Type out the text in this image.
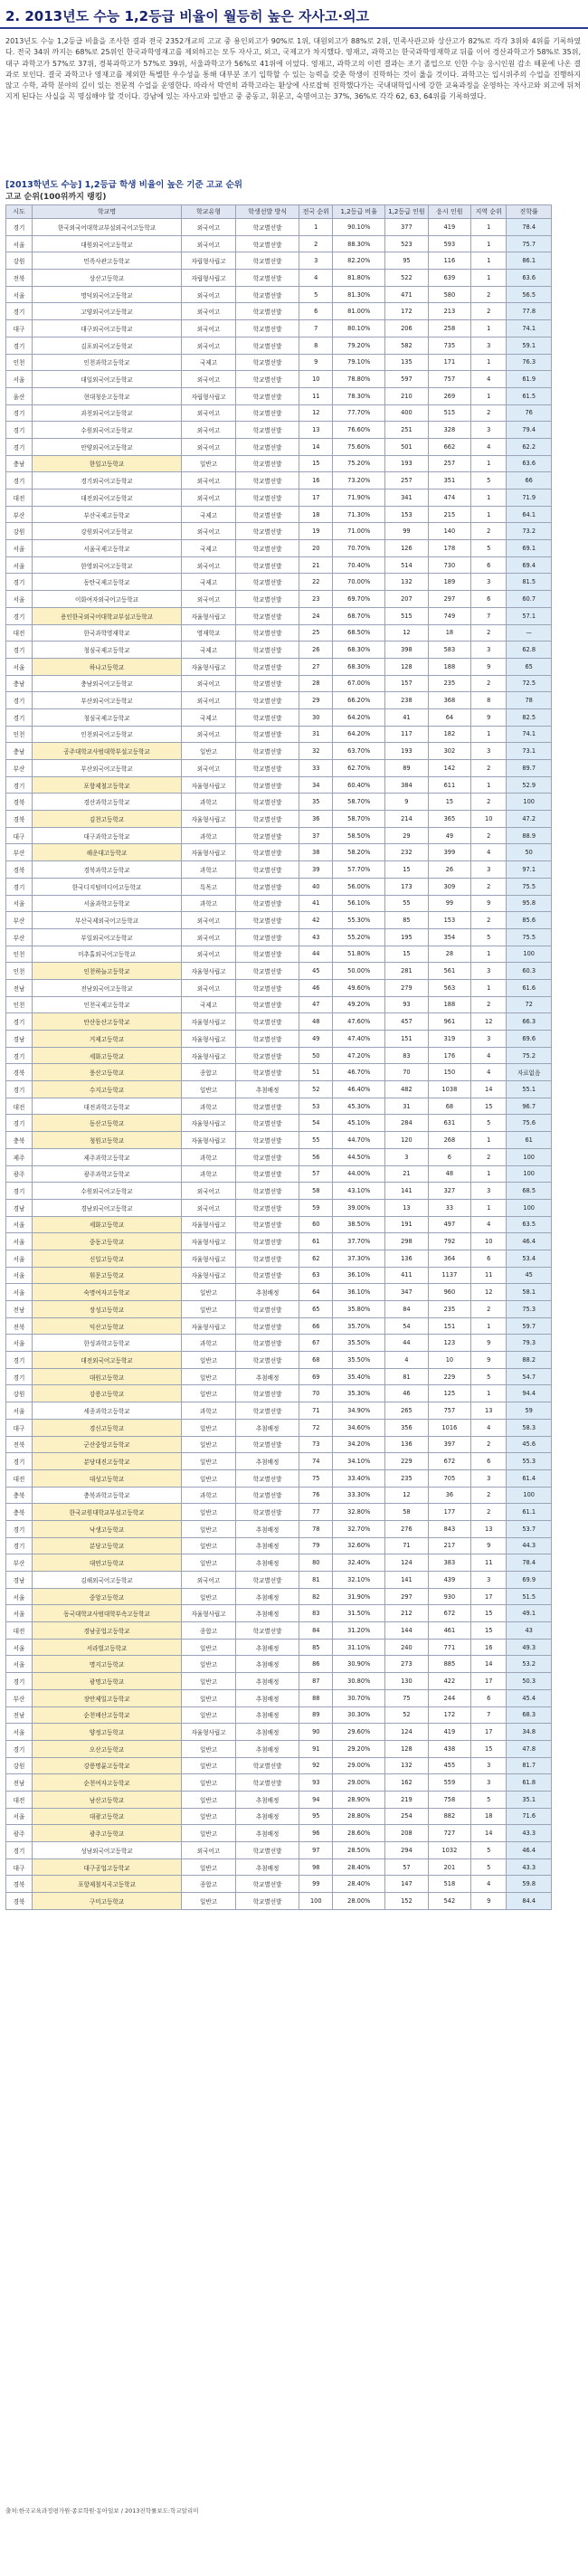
2. 2013년도 수능 1,2등급 비율이 월등히 높은 자사고·외고
2013년도 수능 1,2등급 비율을 조사한 결과 전국 2352개교의 고교 중 용인외고가 90%로 1위, 대원외고가 88%로 2위, 민족사관고와 상산고가 82%로 각각 3위와 4위를 기록하였다. 전국 34위 까지는 68%로 25위인 한국과학영재고를 제외하고는 모두 자사고, 외고, 국제고가 차지했다. 영재고, 과학고는 한국과학영재학교 뒤를 이어 경산과학고가 58%로 35위, 대구 과학고가 57%로 37위, 경북과학고가 57%로 39위, 서울과학고가 56%로 41위에 이었다. 영재고, 과학고의 이런 결과는 조기 졸업으로 인한 수능 응시인원 감소 때문에 나온 결과로 보인다. 결국 과학고나 영재고를 제외한 특별한 우수성을 통해 대부분 조기 입학할 수 있는 능력을 갖춘 학생이 진학하는 것이 옳을 것이다. 과학고는 입시위주의 수업을 진행하지 않고 수학, 과학 분야의 깊이 있는 전문적 수업을 운영한다. 따라서 막연히 과학고라는 환상에 사로잡혀 진학했다가는 국내대학입시에 강한 교육과정을 운영하는 자사고와 외고에 뒤처지게 된다는 사실을 꼭 명심해야 할 것이다. 강남에 있는 자사고와 일반고 중 중동고, 휘문고, 숙명여고는 37%, 36%로 각각 62, 63, 64위를 기록하였다.
[2013학년도 수능] 1,2등급 학생 비율이 높은 기준 고교 순위
고교 순위(100위까지 랭킹)
시도	학교명	학교유형	학생선발 방식	전국 순위	1,2등급 비율	1,2등급 인원	응시 인원	지역 순위	진학률
경기	한국외국어대학교부설외국어고등학교	외국어고	학교별선발	1	90.10%	377	419	1	78.4
서울	대원외국어고등학교	외국어고	학교별선발	2	88.30%	523	593	1	75.7
강원	민족사관고등학교	자립형사립고	학교별선발	3	82.20%	95	116	1	86.1
전북	상산고등학교	자립형사립고	학교별선발	4	81.80%	522	639	1	63.6
서울	명덕외국어고등학교	외국어고	학교별선발	5	81.30%	471	580	2	56.5
경기	고양외국어고등학교	외국어고	학교별선발	6	81.00%	172	213	2	77.8
대구	대구외국어고등학교	외국어고	학교별선발	7	80.10%	206	258	1	74.1
경기	김포외국어고등학교	외국어고	학교별선발	8	79.20%	582	735	3	59.1
인천	인천과학고등학교	국제고	학교별선발	9	79.10%	135	171	1	76.3
서울	대일외국어고등학교	외국어고	학교별선발	10	78.80%	597	757	4	61.9
울산	현대청운고등학교	자립형사립고	학교별선발	11	78.30%	210	269	1	61.5
경기	과천외국어고등학교	외국어고	학교별선발	12	77.70%	400	515	2	76
경기	수원외국어고등학교	외국어고	학교별선발	13	76.60%	251	328	3	79.4
경기	안양외국어고등학교	외국어고	학교별선발	14	75.60%	501	662	4	62.2
충남	한일고등학교	일반고	학교별선발	15	75.20%	193	257	1	63.6
경기	경기외국어고등학교	외국어고	학교별선발	16	73.20%	257	351	5	66
대전	대전외국어고등학교	외국어고	학교별선발	17	71.90%	341	474	1	71.9
부산	부산국제고등학교	국제고	학교별선발	18	71.30%	153	215	1	64.1
강원	강원외국어고등학교	외국어고	학교별선발	19	71.00%	99	140	2	73.2
서울	서울국제고등학교	국제고	학교별선발	20	70.70%	126	178	5	69.1
서울	한영외국어고등학교	외국어고	학교별선발	21	70.40%	514	730	6	69.4
경기	동탄국제고등학교	국제고	학교별선발	22	70.00%	132	189	3	81.5
서울	이화여자외국어고등학교	외국어고	학교별선발	23	69.70%	207	297	6	60.7
경기	용인한국외국어대학교부설고등학교	자율형사립고	학교별선발	24	68.70%	515	749	7	57.1
대전	한국과학영재학교	영재학교	학교별선발	25	68.50%	12	18	2	—
경기	청심국제고등학교	국제고	학교별선발	26	68.30%	398	583	3	62.8
서울	하나고등학교	자율형사립고	학교별선발	27	68.30%	128	188	9	65
충남	충남외국어고등학교	외국어고	학교별선발	28	67.00%	157	235	2	72.5
경기	부산외국어고등학교	외국어고	학교별선발	29	66.20%	238	368	8	78
경기	청심국제고등학교	국제고	학교별선발	30	64.20%	41	64	9	82.5
인천	인천외국어고등학교	외국어고	학교별선발	31	64.20%	117	182	1	74.1
충남	공주대학교사범대학부설고등학교	일반고	학교별선발	32	63.70%	193	302	3	73.1
부산	부산외국어고등학교	외국어고	학교별선발	33	62.70%	89	142	2	89.7
경기	포항제철고등학교	자율형사립고	학교별선발	34	60.40%	384	611	1	52.9
경북	경산과학고등학교	과학고	학교별선발	35	58.70%	9	15	2	100
경북	김천고등학교	자율형사립고	학교별선발	36	58.70%	214	365	10	47.2
대구	대구과학고등학교	과학고	학교별선발	37	58.50%	29	49	2	88.9
부산	해운대고등학교	자율형사립고	학교별선발	38	58.20%	232	399	4	50
경북	경북과학고등학교	과학고	학교별선발	39	57.70%	15	26	3	97.1
경기	한국디지털미디어고등학교	특목고	학교별선발	40	56.00%	173	309	2	75.5
서울	서울과학고등학교	과학고	학교별선발	41	56.10%	55	99	9	95.8
부산	부산국제외국어고등학교	외국어고	학교별선발	42	55.30%	85	153	2	85.6
부산	부일외국어고등학교	외국어고	학교별선발	43	55.20%	195	354	5	75.5
인천	미추홀외국어고등학교	외국어고	학교별선발	44	51.80%	15	28	1	100
인천	인천하늘고등학교	자율형사립고	학교별선발	45	50.00%	281	561	3	60.3
전남	전남외국어고등학교	외국어고	학교별선발	46	49.60%	279	563	1	61.6
인천	인천국제고등학교	국제고	학교별선발	47	49.20%	93	188	2	72
경기	안산동산고등학교	자율형사립고	학교별선발	48	47.60%	457	961	12	66.3
경남	거제고등학교	자율형사립고	학교별선발	49	47.40%	151	319	3	69.6
경기	세화고등학교	자율형사립고	학교별선발	50	47.20%	83	176	4	75.2
경북	풍산고등학교	종합고	학교별선발	51	46.70%	70	150	4	자료없음
경기	수지고등학교	일반고	추첨배정	52	46.40%	482	1038	14	55.1
대전	대전과학고등학교	과학고	학교별선발	53	45.30%	31	68	15	96.7
경기	동산고등학교	자율형사립고	학교별선발	54	45.10%	284	631	5	75.6
충북	청원고등학교	자율형사립고	학교별선발	55	44.70%	120	268	1	61
제주	제주과학고등학교	과학고	학교별선발	56	44.50%	3	6	2	100
광주	광주과학고등학교	과학고	학교별선발	57	44.00%	21	48	1	100
경기	수원외국어고등학교	외국어고	학교별선발	58	43.10%	141	327	3	68.5
경남	경남외국어고등학교	외국어고	학교별선발	59	39.00%	13	33	1	100
서울	세화고등학교	자율형사립고	학교별선발	60	38.50%	191	497	4	63.5
서울	중동고등학교	자율형사립고	학교별선발	61	37.70%	298	792	10	46.4
서울	신일고등학교	자율형사립고	학교별선발	62	37.30%	136	364	6	53.4
서울	휘문고등학교	자율형사립고	학교별선발	63	36.10%	411	1137	11	45
서울	숙명여자고등학교	일반고	추첨배정	64	36.10%	347	960	12	58.1
전남	장성고등학교	일반고	학교별선발	65	35.80%	84	235	2	75.3
전북	익산고등학교	자율형사립고	학교별선발	66	35.70%	54	151	1	59.7
서울	한성과학고등학교	과학고	학교별선발	67	35.50%	44	123	9	79.3
경기	대전외국어고등학교	일반고	학교별선발	68	35.50%	4	10	9	88.2
경기	대원고등학교	일반고	추첨배정	69	35.40%	81	229	5	54.7
강원	강릉고등학교	일반고	학교별선발	70	35.30%	46	125	1	94.4
서울	세종과학고등학교	과학고	학교별선발	71	34.90%	265	757	13	59
대구	경신고등학교	일반고	추첨배정	72	34.60%	356	1016	4	58.3
전북	군산중앙고등학교	일반고	학교별선발	73	34.20%	136	397	2	45.6
경기	분당대진고등학교	일반고	추첨배정	74	34.10%	229	672	6	55.3
대전	대성고등학교	일반고	학교별선발	75	33.40%	235	705	3	61.4
충북	충북과학고등학교	과학고	학교별선발	76	33.30%	12	36	2	100
충북	한국교원대학교부설고등학교	일반고	학교별선발	77	32.80%	58	177	2	61.1
경기	낙생고등학교	일반고	추첨배정	78	32.70%	276	843	13	53.7
경기	분당고등학교	일반고	추첨배정	79	32.60%	71	217	9	44.3
부산	대연고등학교	일반고	추첨배정	80	32.40%	124	383	11	78.4
경남	김해외국어고등학교	외국어고	학교별선발	81	32.10%	141	439	3	69.9
서울	중앙고등학교	일반고	추첨배정	82	31.90%	297	930	17	51.5
서울	동국대학교사범대학부속고등학교	자율형사립고	추첨배정	83	31.50%	212	672	15	49.1
대전	경남공업고등학교	종합고	학교별선발	84	31.20%	144	461	15	43
서울	서라벌고등학교	일반고	추첨배정	85	31.10%	240	771	16	49.3
서울	명지고등학교	일반고	추첨배정	86	30.90%	273	885	14	53.2
경기	광명고등학교	일반고	추첨배정	87	30.80%	130	422	17	50.3
부산	장안제일고등학교	일반고	추첨배정	88	30.70%	75	244	6	45.4
전남	순천매산고등학교	일반고	추첨배정	89	30.30%	52	172	7	68.3
서울	양정고등학교	자율형사립고	추첨배정	90	29.60%	124	419	17	34.8
경기	오산고등학교	일반고	추첨배정	91	29.20%	128	438	15	47.8
강원	강릉명륜고등학교	일반고	학교별선발	92	29.00%	132	455	3	81.7
전남	순천여자고등학교	일반고	학교별선발	93	29.00%	162	559	3	61.8
대전	남산고등학교	일반고	추첨배정	94	28.90%	219	758	5	35.1
서울	대광고등학교	일반고	추첨배정	95	28.80%	254	882	18	71.6
광주	광주고등학교	일반고	추첨배정	96	28.60%	208	727	14	43.3
경기	성남외국어고등학교	외국어고	학교별선발	97	28.50%	294	1032	5	46.4
대구	대구공업고등학교	일반고	추첨배정	98	28.40%	57	201	5	43.3
경북	포항제철지곡고등학교	종합고	학교별선발	99	28.40%	147	518	4	59.8
경북	구미고등학교	일반고	학교별선발	100	28.00%	152	542	9	84.4
출처:한국교육과정평가원·종로학원·동아일보 / 2013진학률보도:학교알리미
